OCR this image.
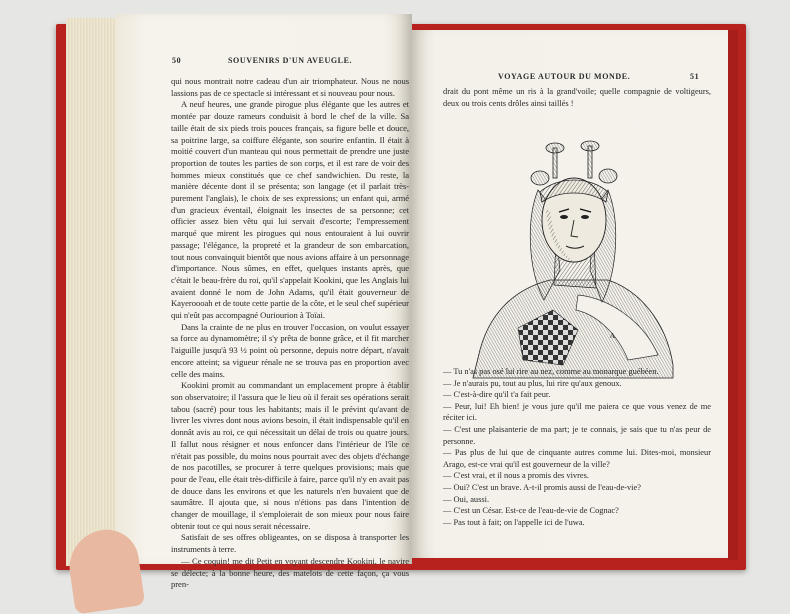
50	SOUVENIRS D'UN AVEUGLE.

qui nous montrait notre cadeau d'un air triomphateur. Nous ne nous lassions pas de ce spectacle si intéressant et si nouveau pour nous.

A neuf heures, une grande pirogue plus élégante que les autres et montée par douze rameurs conduisit à bord le chef de la ville. Sa taille était de six pieds trois pouces français, sa figure belle et douce, sa poitrine large, sa coiffure élégante, son sourire enfantin. Il était à moitié couvert d'un manteau qui nous permettait de prendre une juste proportion de toutes les parties de son corps, et il est rare de voir des hommes mieux constitués que ce chef sandwichien. Du reste, la manière décente dont il se présenta; son langage (et il parlait très-purement l'anglais), le choix de ses expressions; un enfant qui, armé d'un gracieux éventail, éloignait les insectes de sa personne; cet officier assez bien vêtu qui lui servait d'escorte; l'empressement marqué que mirent les pirogues qui nous entouraient à lui ouvrir passage; l'élégance, la propreté et la grandeur de son embarcation, tout nous convainquit bientôt que nous avions affaire à un personnage d'importance. Nous sûmes, en effet, quelques instants après, que c'était le beau-frère du roi, qu'il s'appelait Kookini, que les Anglais lui avaient donné le nom de John Adams, qu'il était gouverneur de Kayeroooah et de toute cette partie de la côte, et le seul chef supérieur qui n'eût pas accompagné Ouriourion à Toïai.

Dans la crainte de ne plus en trouver l'occasion, on voulut essayer sa force au dynamomètre; il s'y prêta de bonne grâce, et il fit marcher l'aiguille jusqu'à 93 ½ point où personne, depuis notre départ, n'avait encore atteint; sa vigueur rénale ne se trouva pas en proportion avec celle des mains.

Kookini promit au commandant un emplacement propre à établir son observatoire; il l'assura que le lieu où il ferait ses opérations serait tabou (sacré) pour tous les habitants; mais il le prévint qu'avant de livrer les vivres dont nous avions besoin, il était indispensable qu'il en donnât avis au roi, ce qui nécessitait un délai de trois ou quatre jours. Il fallut nous résigner et nous enfoncer dans l'intérieur de l'île ce n'était pas possible, du moins nous pourrait avec des objets d'échange de nos pacotilles, se procurer à terre quelques provisions; mais que pour de l'eau, elle était très-difficile à faire, parce qu'il n'y en avait pas de douce dans les environs et que les naturels n'en buvaient que de saumâtre. Il ajouta que, si nous n'étions pas dans l'intention de changer de mouillage, il s'emploierait de son mieux pour nous faire obtenir tout ce qui nous serait nécessaire.

Satisfait de ses offres obligeantes, on se disposa à transporter les instruments à terre.

— Ce coquin! me dit Petit en voyant descendre Kookini, le navire se délecte; à la bonne heure, des matelots de cette façon, ça vous pren-

VOYAGE AUTOUR DU MONDE.	51

drait du pont même un ris à la grand'voile; quelle compagnie de voltigeurs, deux ou trois cents drôles ainsi taillés !

A.

— Tu n'as pas osé lui rire au nez, comme au monarque guébéen.

— Je n'aurais pu, tout au plus, lui rire qu'aux genoux.

— C'est-à-dire qu'il t'a fait peur.

— Peur, lui! Eh bien! je vous jure qu'il me paiera ce que vous venez de me réciter ici.

— C'est une plaisanterie de ma part; je te connais, je sais que tu n'as peur de personne.

— Pas plus de lui que de cinquante autres comme lui. Dites-moi, monsieur Arago, est-ce vrai qu'il est gouverneur de la ville?

— C'est vrai, et il nous a promis des vivres.

— Oui? C'est un brave. A-t-il promis aussi de l'eau-de-vie?

— Oui, aussi.

— C'est un César. Est-ce de l'eau-de-vie de Cognac?

— Pas tout à fait; on l'appelle ici de l'uwa.
